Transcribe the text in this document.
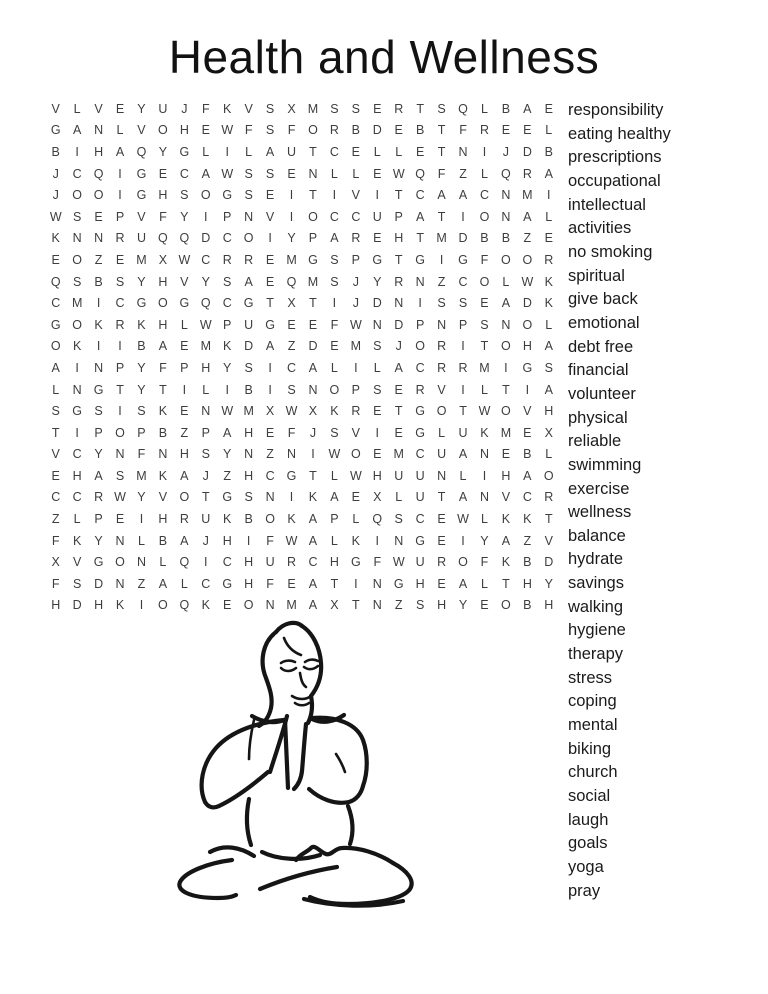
Health and Wellness
V	L	V	E	Y	U	J	F	K	V	S	X M S	S	E	R	T	S Q	L	B	A	E
G A	N	L	V O H	E W F	S	F	O R	B	D	E	B	T	F	R	E	E	L
B	I	H	A Q Y G	L	I	L	A	U	T	C	E	L	L	E	T	N	I	J	D	B
J	C Q	I	G E	C	A W S	S	E	N	L	L	E W Q	F	Z	L	Q R	A
J	O O	I	G H	S O G S	E	I	T	I	V	I	T	C	A	A	C N M	I
W S	E	P	V	F	Y	I	P	N	V	I	O C C U	P	A	T	I	O N	A	L
K	N N R U Q Q D C O	I	Y	P	A	R	E	H	T M D	B	B	Z	E
E O	Z	E M X W C R R	E M G S	P G	T	G	I	G	F	O O R
Q S	B	S	Y	H	V	Y	S	A	E Q M S	J	Y	R N	Z	C O	L W K
C M	I	C G O G Q C G	T	X	T	I	J	D N	I	S	S	E	A	D	K
G O K	R	K	H	L W P	U G E	E	F W N D	P	N	P	S	N O	L
O K	I	I	B	A	E M K	D	A	Z	D	E M S	J	O R	I	T	O H	A
A	I	N	P	Y	F	P	H	Y	S	I	C	A	L	I	L	A	C R R M	I	G S
L	N G	T	Y	T	I	L	I	B	I	S	N O P	S	E	R	V	I	L	T	I	A
S G S	I	S	K	E	N W M X W X	K	R	E	T	G O	T W O V	H
T	I	P O P	B	Z	P	A	H	E	F	J	S	V	I	E G	L	U	K M E	X
V	C	Y	N	F	N H	S	Y	N	Z	N	I	W O E M C U	A	N	E	B	L
E	H	A	S M K	A	J	Z	H C G	T	L W H U U N	L	I	H	A O
C C R W Y	V O	T	G S	N	I	K	A	E	X	L	U	T	A	N	V	C R
Z	L	P	E	I	H R U	K	B O K	A	P	L	Q S	C	E W L	K	K	T
F	K	Y	N	L	B	A	J	H	I	F W A	L	K	I	N G E	I	Y	A	Z	V
X	V G O N	L	Q	I	C H U R C H G	F W U R O	F	K	B	D
F	S	D N	Z	A	L	C G H	F	E	A	T	I	N G H	E	A	L	T	H	Y
H D H	K	I	O Q K	E O N M A	X	T	N	Z	S	H	Y	E O B	H
responsibility
eating healthy
prescriptions
occupational
intellectual
activities
no smoking
spiritual
give back
emotional
debt free
financial
volunteer
physical
reliable
swimming
exercise
wellness
balance
hydrate
savings
walking
hygiene
therapy
stress
coping
mental
biking
church
social
laugh
goals
yoga
pray
